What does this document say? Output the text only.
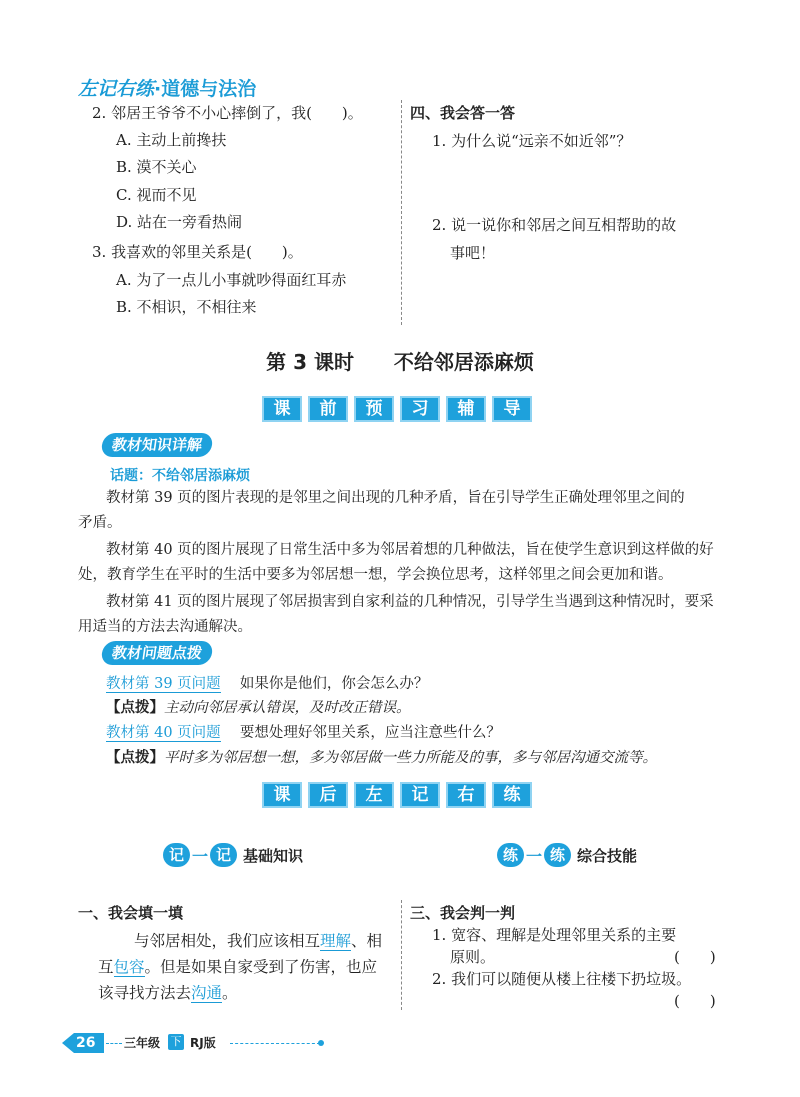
左记右练·道德与法治
2. 邻居王爷爷不小心摔倒了，我(　　)。
A. 主动上前搀扶
B. 漠不关心
C. 视而不见
D. 站在一旁看热闹
3. 我喜欢的邻里关系是(　　)。
A. 为了一点儿小事就吵得面红耳赤
B. 不相识，不相往来
四、我会答一答
1. 为什么说“远亲不如近邻”？
2. 说一说你和邻居之间互相帮助的故
事吧！
第 3 课时 不给邻居添麻烦
课 前 预 习 辅 导
教材知识详解
话题：不给邻居添麻烦
教材第 39 页的图片表现的是邻里之间出现的几种矛盾，旨在引导学生正确处理邻里之间的
矛盾。
教材第 40 页的图片展现了日常生活中多为邻居着想的几种做法，旨在使学生意识到这样做的好
处，教育学生在平时的生活中要多为邻居想一想，学会换位思考，这样邻里之间会更加和谐。
教材第 41 页的图片展现了邻居损害到自家利益的几种情况，引导学生当遇到这种情况时，要采
用适当的方法去沟通解决。
教材问题点拨
教材第 39 页问题 如果你是他们，你会怎么办？
【点拨】主动向邻居承认错误，及时改正错误。
教材第 40 页问题 要想处理好邻里关系，应当注意些什么？
【点拨】平时多为邻居想一想，多为邻居做一些力所能及的事，多与邻居沟通交流等。
课 后 左 记 右 练
记 一 记 基础知识	练 一 练 综合技能
一、我会填一填
与邻居相处，我们应该相互理解、相
互包容。但是如果自家受到了伤害，也应
该寻找方法去沟通。
三、我会判一判
1. 宽容、理解是处理邻里关系的主要
原则。	(　　)
2. 我们可以随便从楼上往楼下扔垃圾。
(　　)
26 三年级 下 RJ版
